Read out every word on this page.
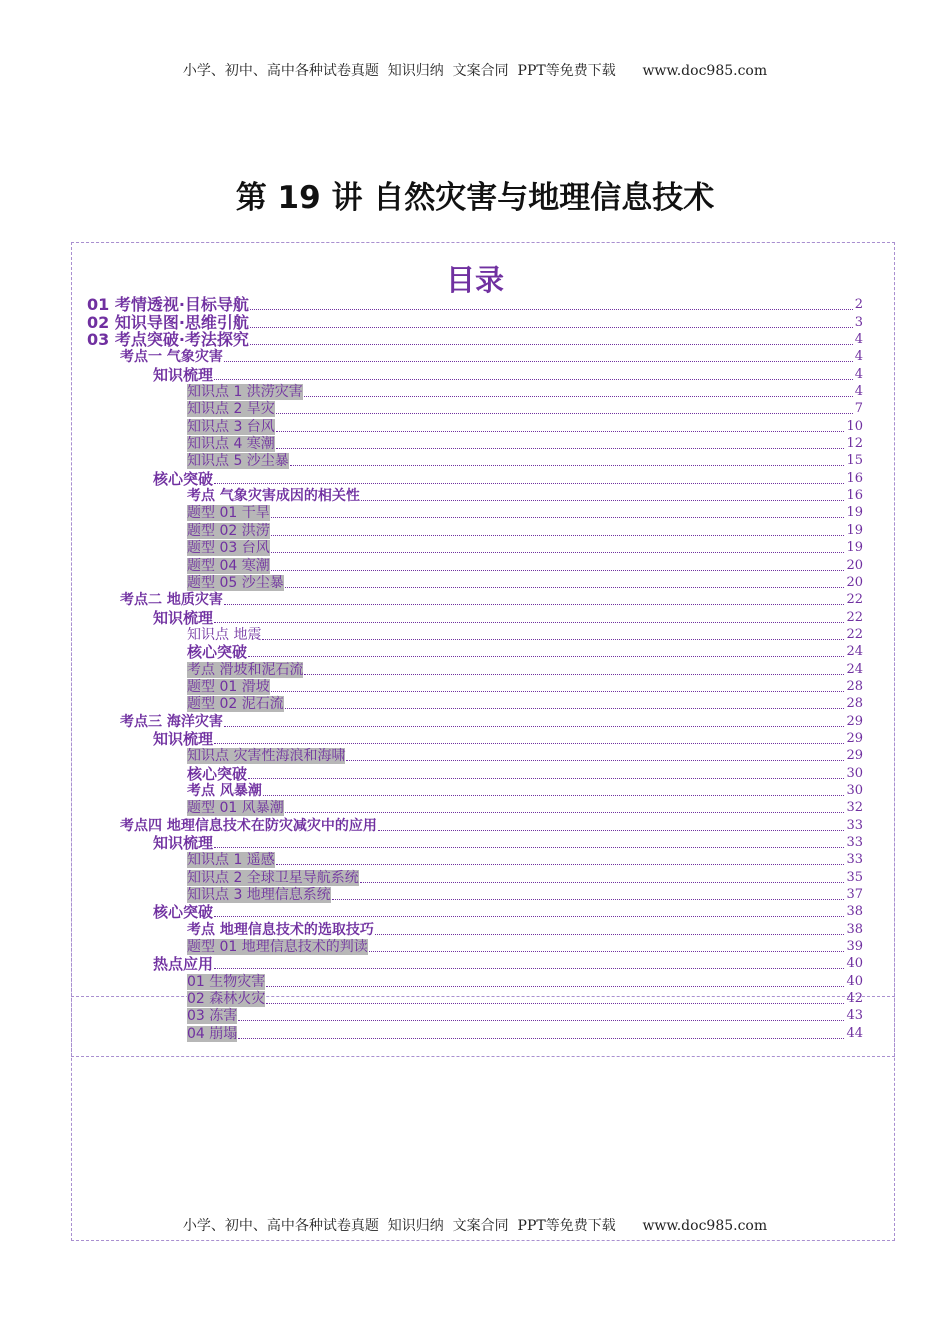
小学、初中、高中各种试卷真题  知识归纳  文案合同  PPT等免费下载      www.doc985.com
第 19 讲 自然灾害与地理信息技术
目录
01 考情透视·目标导航	2
02 知识导图·思维引航	3
03 考点突破·考法探究	4
考点一 气象灾害	4
知识梳理	4
知识点 1 洪涝灾害	4
知识点 2 旱灾	7
知识点 3 台风	10
知识点 4 寒潮	12
知识点 5 沙尘暴	15
核心突破	16
考点 气象灾害成因的相关性	16
题型 01 干旱	19
题型 02 洪涝	19
题型 03 台风	19
题型 04 寒潮	20
题型 05 沙尘暴	20
考点二 地质灾害	22
知识梳理	22
知识点 地震	22
核心突破	24
考点 滑坡和泥石流	24
题型 01 滑坡	28
题型 02 泥石流	28
考点三 海洋灾害	29
知识梳理	29
知识点 灾害性海浪和海啸	29
核心突破	30
考点 风暴潮	30
题型 01 风暴潮	32
考点四 地理信息技术在防灾减灾中的应用	33
知识梳理	33
知识点 1 遥感	33
知识点 2 全球卫星导航系统	35
知识点 3 地理信息系统	37
核心突破	38
考点 地理信息技术的选取技巧	38
题型 01 地理信息技术的判读	39
热点应用	40
01 生物灾害	40
02 森林火灾	42
03 冻害	43
04 崩塌	44
小学、初中、高中各种试卷真题  知识归纳  文案合同  PPT等免费下载      www.doc985.com
